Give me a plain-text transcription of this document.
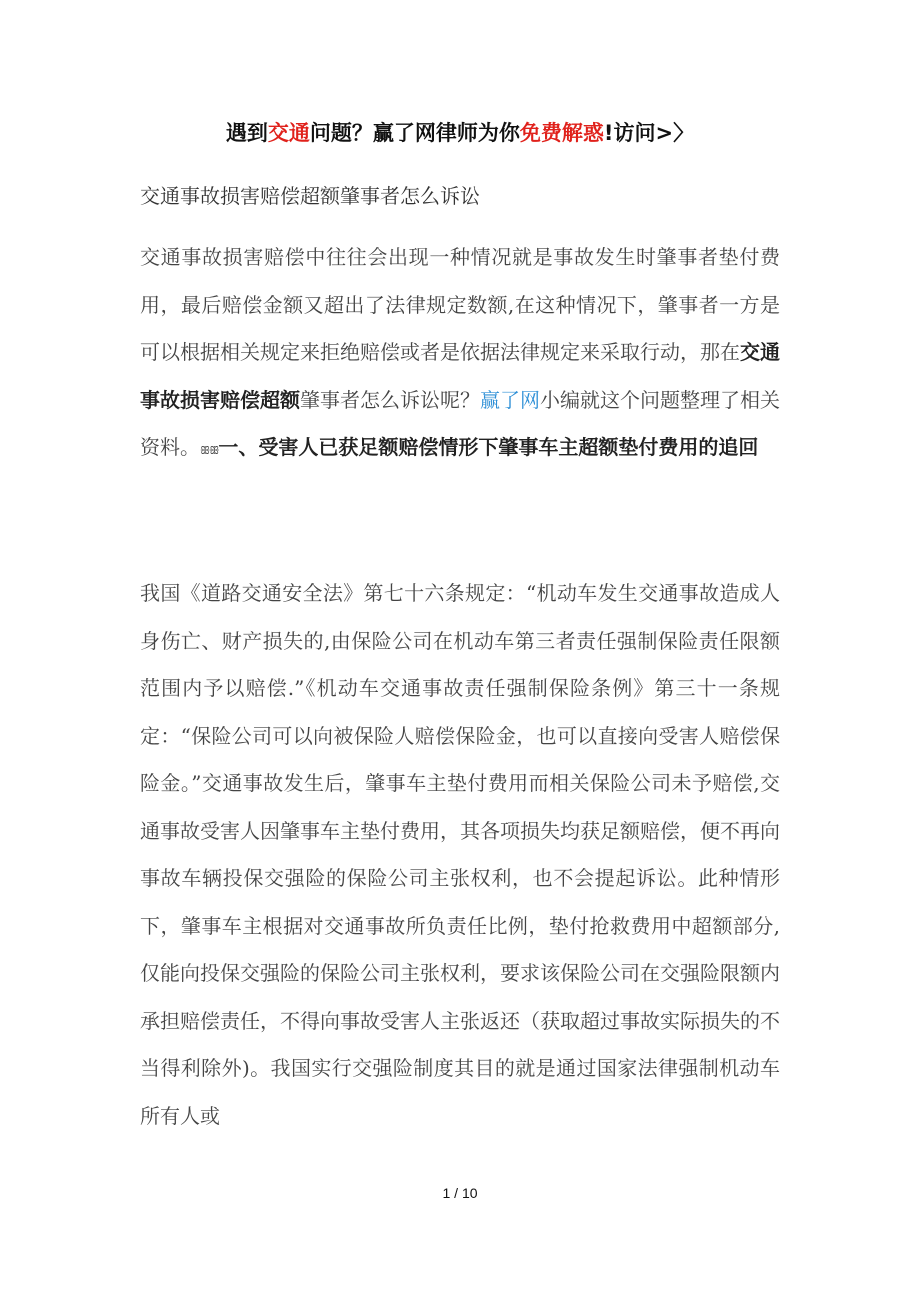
遇到交通问题？赢了网律师为你免费解惑!访问>〉
交通事故损害赔偿超额肇事者怎么诉讼

交通事故损害赔偿中往往会出现一种情况就是事故发生时肇事者垫付费用，最后赔偿金额又超出了法律规定数额,在这种情况下，肇事者一方是可以根据相关规定来拒绝赔偿或者是依据法律规定来采取行动，那在交通事故损害赔偿超额肇事者怎么诉讼呢？赢了网小编就这个问题整理了相关资料。ꕥꕥ一、受害人已获足额赔偿情形下肇事车主超额垫付费用的追回

我国《道路交通安全法》第七十六条规定：“机动车发生交通事故造成人身伤亡、财产损失的,由保险公司在机动车第三者责任强制保险责任限额范围内予以赔偿.”《机动车交通事故责任强制保险条例》第三十一条规定：“保险公司可以向被保险人赔偿保险金，也可以直接向受害人赔偿保险金。”交通事故发生后，肇事车主垫付费用而相关保险公司未予赔偿,交通事故受害人因肇事车主垫付费用，其各项损失均获足额赔偿，便不再向事故车辆投保交强险的保险公司主张权利，也不会提起诉讼。此种情形下，肇事车主根据对交通事故所负责任比例，垫付抢救费用中超额部分,仅能向投保交强险的保险公司主张权利，要求该保险公司在交强险限额内承担赔偿责任，不得向事故受害人主张返还（获取超过事故实际损失的不当得利除外)。我国实行交强险制度其目的就是通过国家法律强制机动车所有人或

1 / 10
